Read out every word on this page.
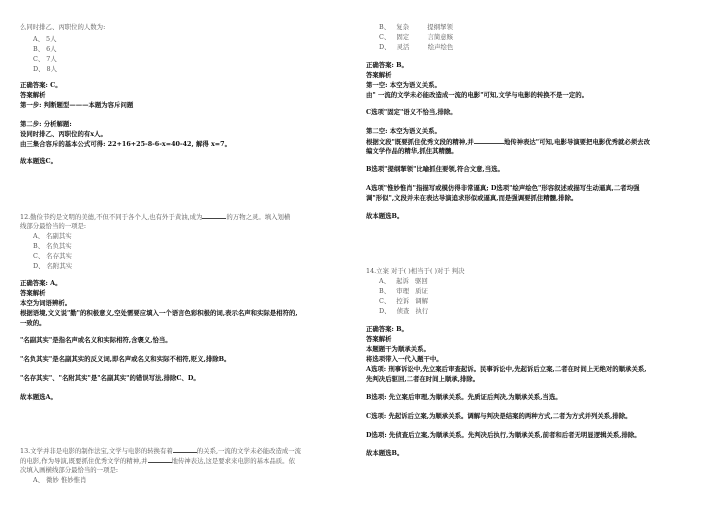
么同时排乙、丙职位的人数为:
A、 5人
B、 6人
C、 7人
D、 8人
正确答案: C。
答案解析
第一步: 判断题型———本题为容斥问题
第二步: 分析解题:
设同时排乙、丙职位的有x人。
由三集合容斥的基本公式可得: 22+16+25-8-6-x=40-42, 解得 x=7。
故本题选C。
12.勤俭节约是文明的美德,不但不同于各个人,也有外于黄油,成为	的万物之灵。填入划横
线部分最恰当的一项是:
A、 名副其实
B、 名负其实
C、 名存其实
D、 名附其实
正确答案: A。
答案解析
本空为词语辨析。
根据语境,文义说"勤"的积极意义,空处需要应填入一个语言色彩积极的词,表示名声和实际是相符的,
一致的。
"名副其实"是指名声或名义和实际相符,含褒义,恰当。
"名负其实"是名副其实的反义词,即名声或名义和实际不相符,贬义,排除B。
"名存其实"、"名附其实"是"名副其实"的错误写法,排除C、D。
故本题选A。
13.文学并非是电影的制作法宝,文学与电影的转换有着	的关系,一流的文学未必能改造成一流
的电影,作为导演,既要抓住优秀文学的精神,并	地传神表达,这是要求来电影的基本品质。依
次填入画横线部分最恰当的一项是:
A、 微妙 惟妙惟肖
B、 复杂	提纲挈领
C、 固定	言简意赅
D、 灵活	绘声绘色
正确答案: B。
答案解析
第一空: 本空为语义关系。
由" 一流的文学未必能改造成一流的电影"可知,文学与电影的转换不是一定的。
C选项"固定"语义不恰当,排除。
第二空: 本空为语义关系。
根据文段"既要抓住优秀文段的精神,并	地传神表达"可知,电影导演要把电影优秀就必须去改
编文学作品的精华,抓住其精髓。
B选项"提纲挈领"比喻抓住要领,符合文意,当选。
A选项"惟妙惟肖"指描写或模仿得非常逼真; D选项"绘声绘色"形容叙述或描写生动逼真,二者均强
调"形似",文段并未在表达导演追求形似或逼真,而是强调要抓住精髓,排除。
故本题选B。
14.立案 对于( )相当于( )对于 判决
A、 起诉 驱回
B、 审理 质证
C、 控诉 调解
D、 侦查 执行
正确答案: B。
答案解析
本题题干为顺承关系。
将选项带入一代入题干中。
A选项: 刑事诉讼中,先立案后审查起诉。民事诉讼中,先起诉后立案,二者在时间上无绝对的顺承关系,
先判决后驱回,二者在时间上顺承,排除。
B选项: 先立案后审理,为顺承关系。先质证后判决,为顺承关系,当选。
C选项: 先起诉后立案,为顺承关系。调解与判决是结案的两种方式,二者为方式并列关系,排除。
D选项: 先侦查后立案,为顺承关系。先判决后执行,为顺承关系,前者和后者无明显逻辑关系,排除。
故本题选B。
